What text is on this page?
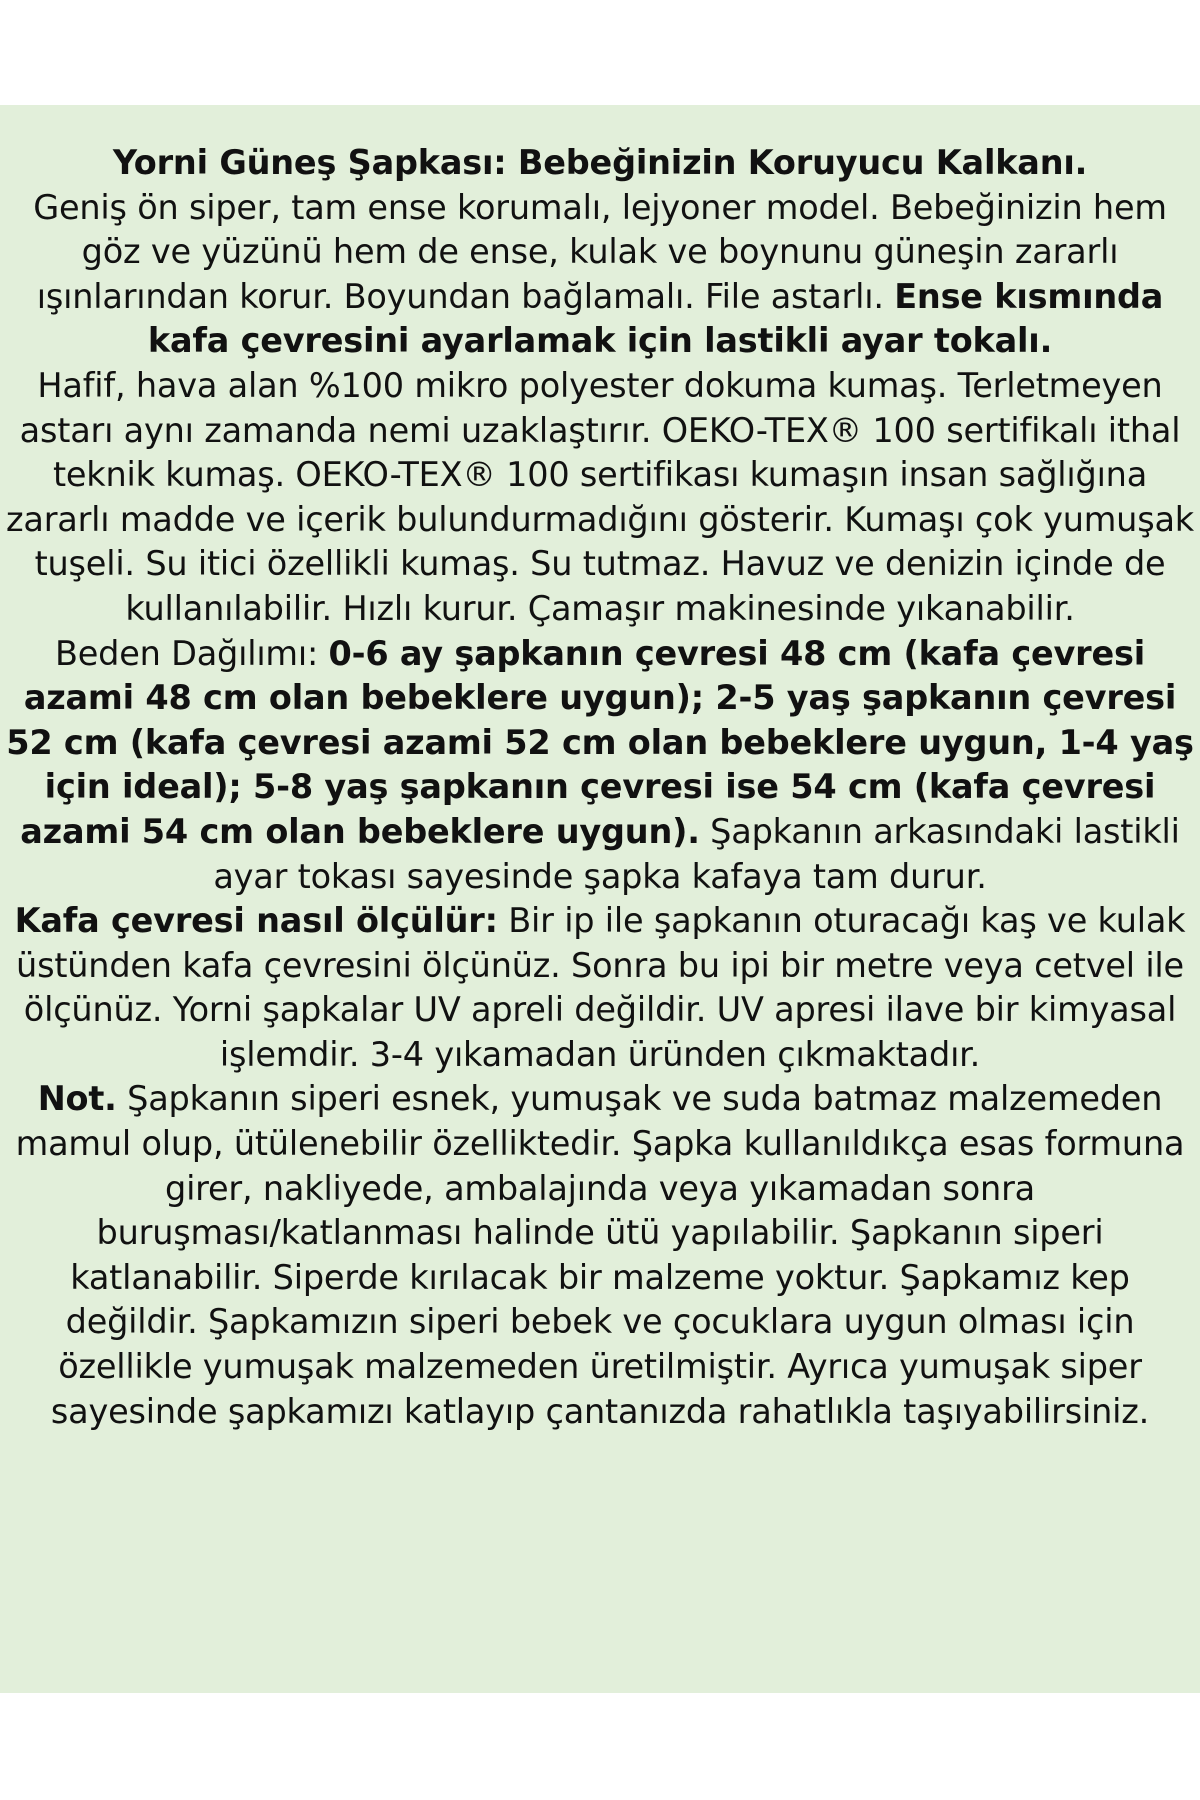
Yorni Güneş Şapkası: Bebeğinizin Koruyucu Kalkanı.

Geniş ön siper, tam ense korumalı, lejyoner model. Bebeğinizin hem göz ve yüzünü hem de ense, kulak ve boynunu güneşin zararlı ışınlarından korur. Boyundan bağlamalı. File astarlı. Ense kısmında kafa çevresini ayarlamak için lastikli ayar tokalı.

Hafif, hava alan %100 mikro polyester dokuma kumaş. Terletmeyen astarı aynı zamanda nemi uzaklaştırır. OEKO-TEX® 100 sertifikalı ithal teknik kumaş. OEKO-TEX® 100 sertifikası kumaşın insan sağlığına zararlı madde ve içerik bulundurmadığını gösterir. Kumaşı çok yumuşak tuşeli. Su itici özellikli kumaş. Su tutmaz. Havuz ve denizin içinde de kullanılabilir. Hızlı kurur. Çamaşır makinesinde yıkanabilir.

Beden Dağılımı: 0-6 ay şapkanın çevresi 48 cm (kafa çevresi azami 48 cm olan bebeklere uygun); 2-5 yaş şapkanın çevresi 52 cm (kafa çevresi azami 52 cm olan bebeklere uygun, 1-4 yaş için ideal); 5-8 yaş şapkanın çevresi ise 54 cm (kafa çevresi azami 54 cm olan bebeklere uygun). Şapkanın arkasındaki lastikli ayar tokası sayesinde şapka kafaya tam durur.

Kafa çevresi nasıl ölçülür: Bir ip ile şapkanın oturacağı kaş ve kulak üstünden kafa çevresini ölçünüz. Sonra bu ipi bir metre veya cetvel ile ölçünüz. Yorni şapkalar UV apreli değildir. UV apresi ilave bir kimyasal işlemdir. 3-4 yıkamadan üründen çıkmaktadır.

Not. Şapkanın siperi esnek, yumuşak ve suda batmaz malzemeden mamul olup, ütülenebilir özelliktedir. Şapka kullanıldıkça esas formuna girer, nakliyede, ambalajında veya yıkamadan sonra buruşması/katlanması halinde ütü yapılabilir. Şapkanın siperi katlanabilir. Siperde kırılacak bir malzeme yoktur. Şapkamız kep değildir. Şapkamızın siperi bebek ve çocuklara uygun olması için özellikle yumuşak malzemeden üretilmiştir. Ayrıca yumuşak siper sayesinde şapkamızı katlayıp çantanızda rahatlıkla taşıyabilirsiniz.
